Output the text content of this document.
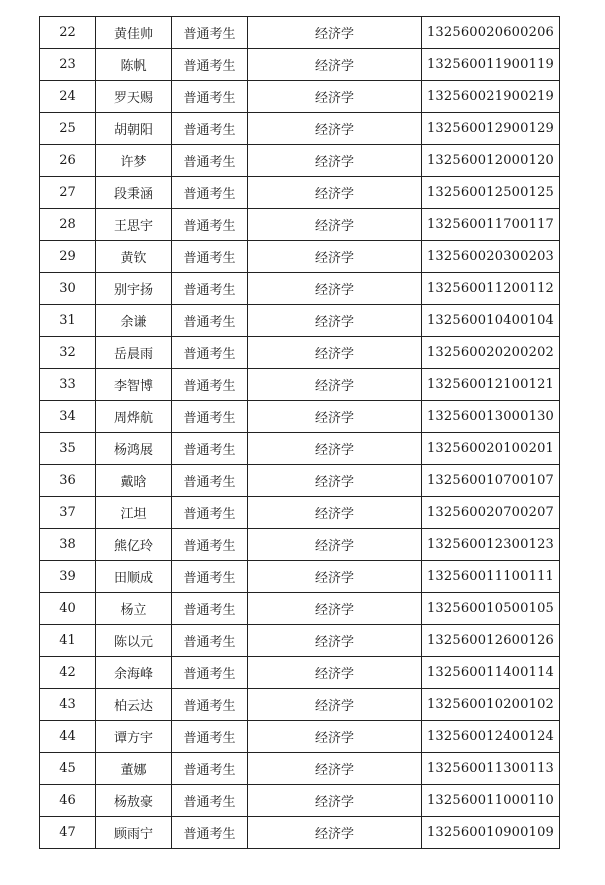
22	黄佳帅	普通考生	经济学	132560020600206
23	陈帆	普通考生	经济学	132560011900119
24	罗天赐	普通考生	经济学	132560021900219
25	胡朝阳	普通考生	经济学	132560012900129
26	许梦	普通考生	经济学	132560012000120
27	段秉涵	普通考生	经济学	132560012500125
28	王思宇	普通考生	经济学	132560011700117
29	黄钦	普通考生	经济学	132560020300203
30	别宇扬	普通考生	经济学	132560011200112
31	余谦	普通考生	经济学	132560010400104
32	岳晨雨	普通考生	经济学	132560020200202
33	李智博	普通考生	经济学	132560012100121
34	周烨航	普通考生	经济学	132560013000130
35	杨鸿展	普通考生	经济学	132560020100201
36	戴晗	普通考生	经济学	132560010700107
37	江坦	普通考生	经济学	132560020700207
38	熊亿玲	普通考生	经济学	132560012300123
39	田顺成	普通考生	经济学	132560011100111
40	杨立	普通考生	经济学	132560010500105
41	陈以元	普通考生	经济学	132560012600126
42	余海峰	普通考生	经济学	132560011400114
43	柏云达	普通考生	经济学	132560010200102
44	谭方宇	普通考生	经济学	132560012400124
45	董娜	普通考生	经济学	132560011300113
46	杨敖豪	普通考生	经济学	132560011000110
47	顾雨宁	普通考生	经济学	132560010900109
